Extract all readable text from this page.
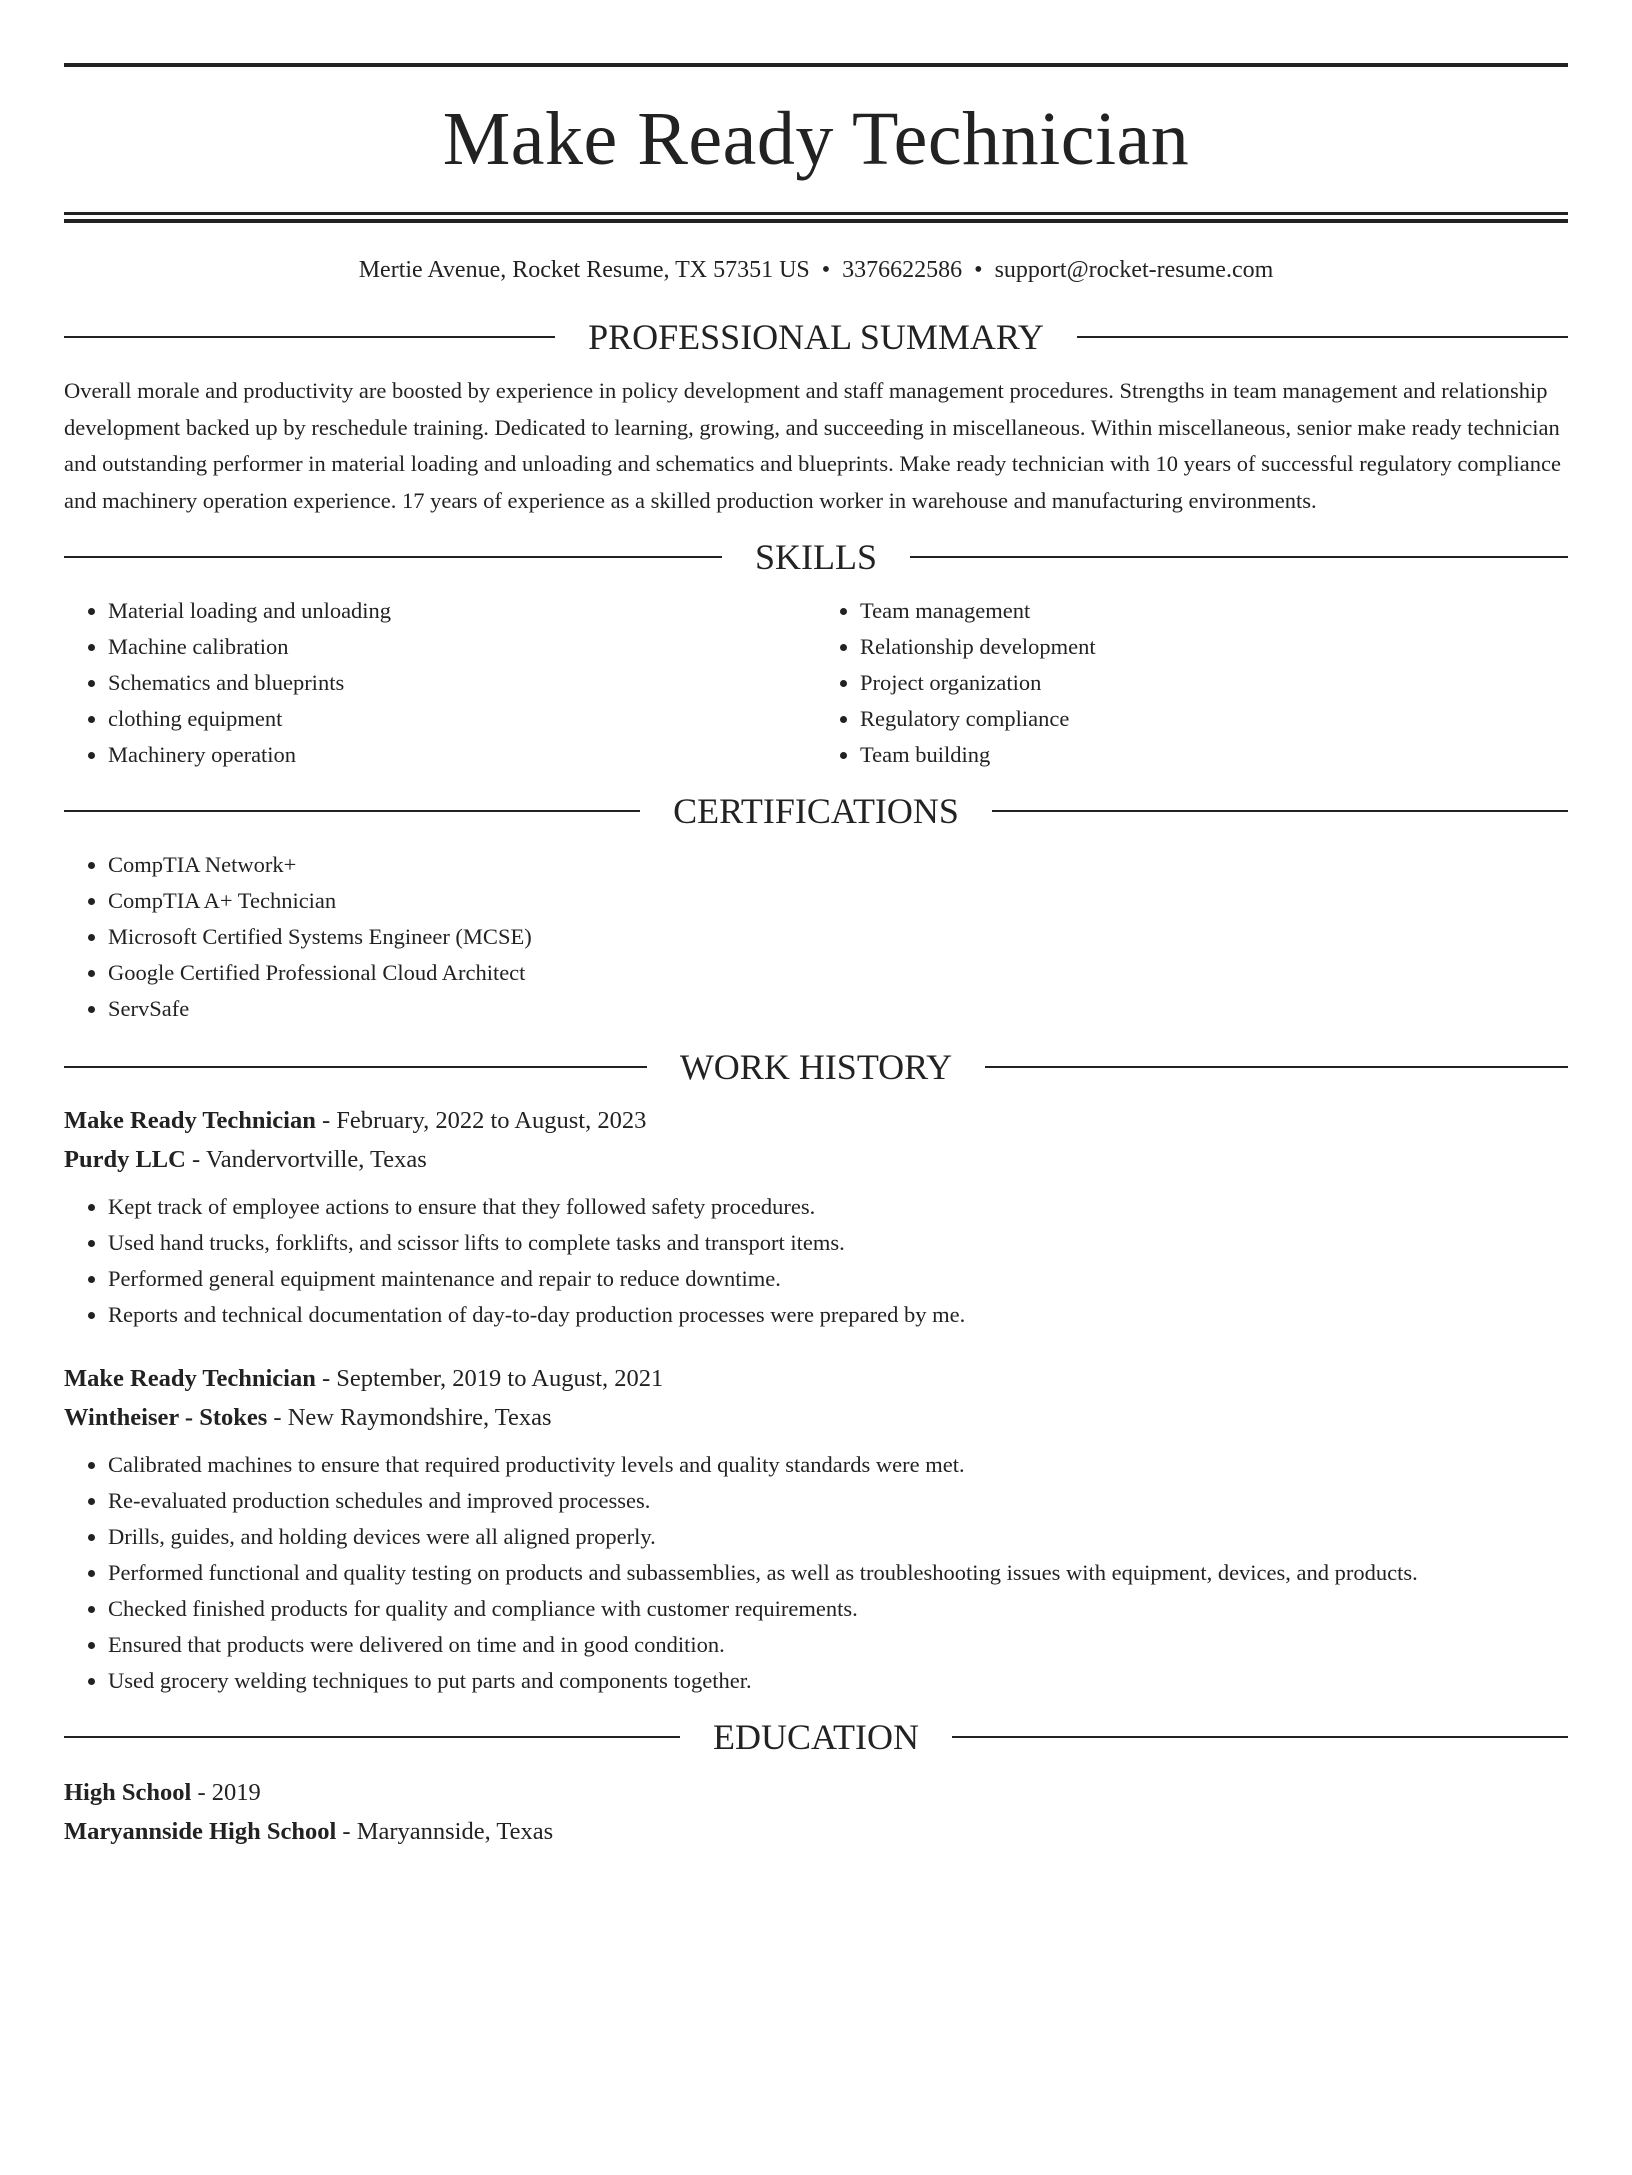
Make Ready Technician
Mertie Avenue, Rocket Resume, TX 57351 US • 3376622586 • support@rocket-resume.com
PROFESSIONAL SUMMARY

Overall morale and productivity are boosted by experience in policy development and staff management procedures. Strengths in team management and relationship development backed up by reschedule training. Dedicated to learning, growing, and succeeding in miscellaneous. Within miscellaneous, senior make ready technician and outstanding performer in material loading and unloading and schematics and blueprints. Make ready technician with 10 years of successful regulatory compliance and machinery operation experience. 17 years of experience as a skilled production worker in warehouse and manufacturing environments.

SKILLS
• Material loading and unloading
• Machine calibration
• Schematics and blueprints
• clothing equipment
• Machinery operation
• Team management
• Relationship development
• Project organization
• Regulatory compliance
• Team building
CERTIFICATIONS
• CompTIA Network+
• CompTIA A+ Technician
• Microsoft Certified Systems Engineer (MCSE)
• Google Certified Professional Cloud Architect
• ServSafe
WORK HISTORY
Make Ready Technician - February, 2022 to August, 2023
Purdy LLC - Vandervortville, Texas
• Kept track of employee actions to ensure that they followed safety procedures.
• Used hand trucks, forklifts, and scissor lifts to complete tasks and transport items.
• Performed general equipment maintenance and repair to reduce downtime.
• Reports and technical documentation of day-to-day production processes were prepared by me.
Make Ready Technician - September, 2019 to August, 2021
Wintheiser - Stokes - New Raymondshire, Texas
• Calibrated machines to ensure that required productivity levels and quality standards were met.
• Re-evaluated production schedules and improved processes.
• Drills, guides, and holding devices were all aligned properly.
• Performed functional and quality testing on products and subassemblies, as well as troubleshooting issues with equipment, devices, and products.
• Checked finished products for quality and compliance with customer requirements.
• Ensured that products were delivered on time and in good condition.
• Used grocery welding techniques to put parts and components together.
EDUCATION
High School - 2019
Maryannside High School - Maryannside, Texas
